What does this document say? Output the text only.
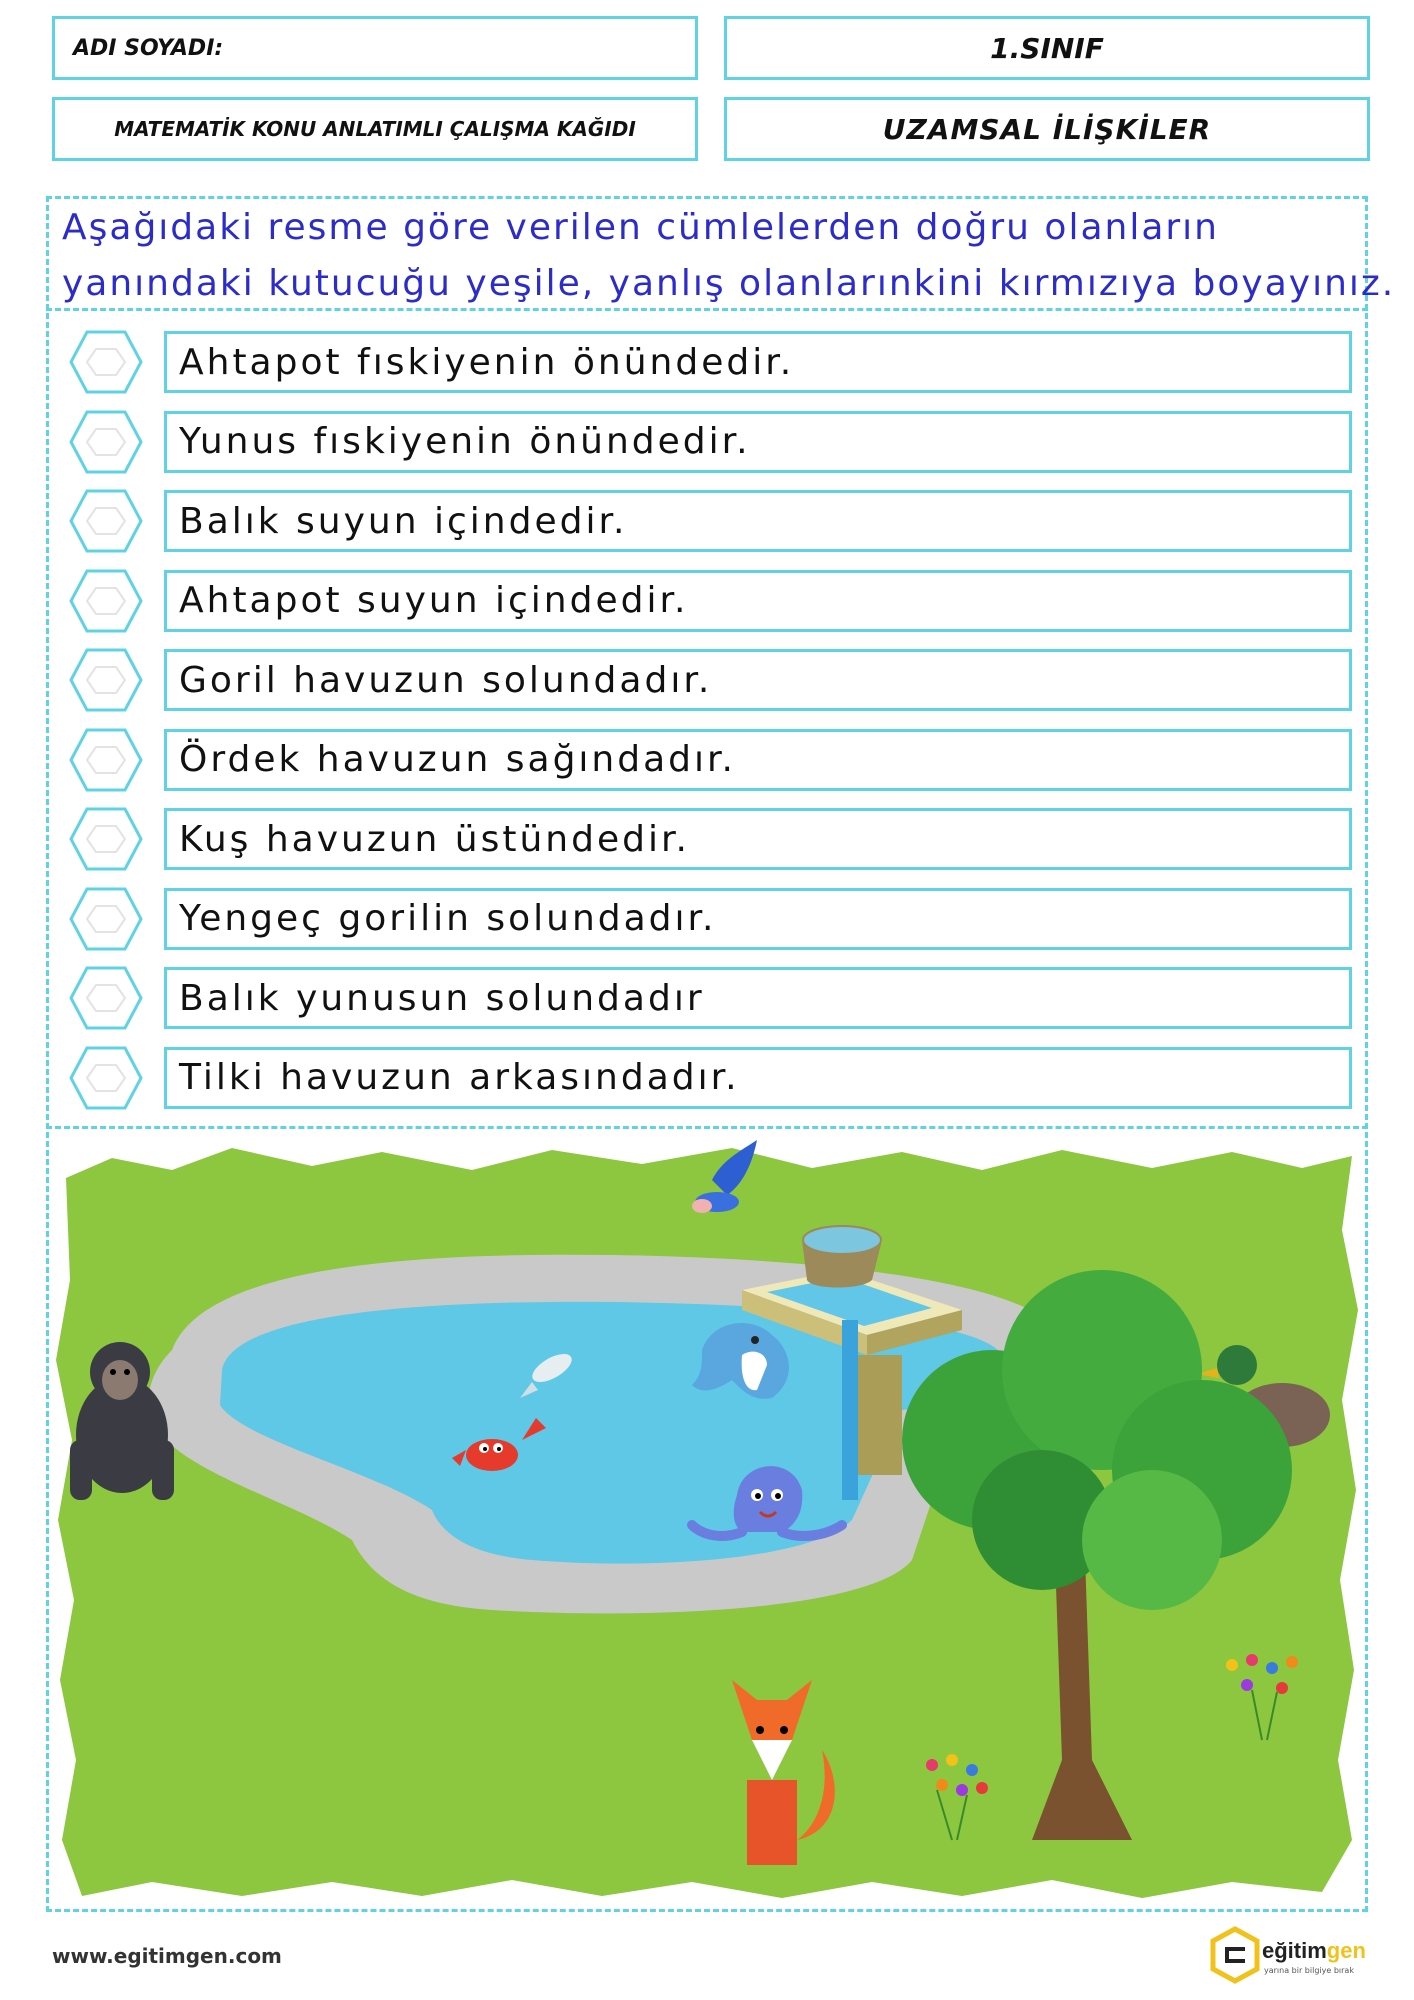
ADI SOYADI:	1.SINIF
MATEMATİK KONU ANLATIMLI ÇALIŞMA KAĞIDI	UZAMSAL İLİŞKİLER
Aşağıdaki resme göre verilen cümlelerden doğru olanların
yanındaki kutucuğu yeşile, yanlış olanlarınkini kırmızıya boyayınız.
Ahtapot fıskiyenin önündedir.
Yunus fıskiyenin önündedir.
Balık suyun içindedir.
Ahtapot suyun içindedir.
Goril havuzun solundadır.
Ördek havuzun sağındadır.
Kuş havuzun üstündedir.
Yengeç gorilin solundadır.
Balık yunusun solundadır
Tilki havuzun arkasındadır.
www.egitimgen.com	eğitimgen
yarına bir bilgiye bırak
